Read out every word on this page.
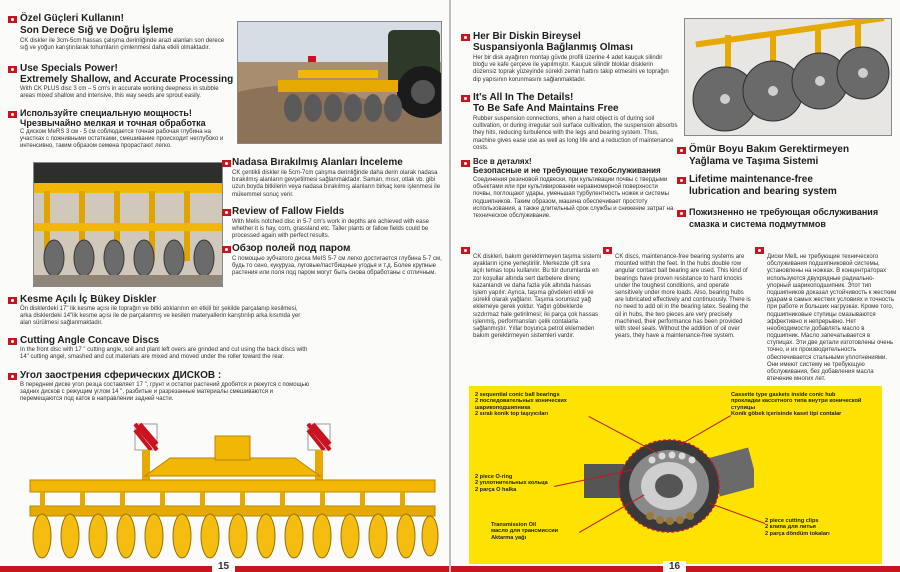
Özel Güçleri Kullanın!
Son Derece Sığ ve Doğru İşleme
CK diskler ile 3cm-5cm hassas çalışma derinliğinde arazi alanları son derece sığ ve yoğun karıştırılarak tohumların çimlenmesi daha etkili olmaktadır.
Use Specials Power!
Extremely Shallow, and Accurate Processing
With CK PLUS disc 3 cm – 5 cm's in accurate working deepness in stubble areas mixed shallow and intensive, this way seeds are sprout easily.
Используйте специальную мощность!
Чрезвычайно мелкая и точная обработка
С диском MeRS 3 см - 5 см соблюдается точная рабочая глубина на участках с пожнивными остатками, смешивание происходит неглубоко и интенсивно, таким образом семена прорастают легко.
Nadasa Bırakılmış Alanları İnceleme
CK çentikli diskler ile 5cm-7cm çalışma derinliğinde daha derin olarak nadasa bırakılmış alanların gevşetilmesi sağlanmaktadır. Saman, mısır, otlak vb. gibi uzun boyda bitkilerin veya nadasa bırakılmış alanların birkaç kere işlenmesi ile mükemmel sonuç verir.
Review of Fallow Fields
With Melis notched disc in 5-7 cm's work in depths are achieved with ease whether it is hay, corn, grassland etc. Taller plants or fallow fields could be processed again with perfect results.
Обзор полей под паром
С помощью зубчатого диска MeIS 5-7 см легко достигается глубина 5-7 см, будь то сено, кукуруза, луговые/пастбищные угодья и т.д. Более крупные растения или поля под паром могут быть снова обработаны с отличным.
Kesme Açılı İç Bükey Diskler
Ön disklerdeki 17" lik kesme açısı ile toprağın ve bitki atıklarının en etkili bir şekilde parçalanıp kesilmesi, arka disklerdeki 14"lik kesme açısı ile de parçalanmış ve kesilen materyallerin karıştırılıp arka kısımda yer alan sürülmesi sağlanmaktadır.
Cutting Angle Concave Discs
In the front disc with 17 " cutting angle, soil and plant left overs are grinded and cut using the back discs with 14" cutting angel, smashed and cut materials are mixed and moved under the roller toward the rear.
Угол заострения сферических ДИСКОВ :
В переднем диске угол резца составляет 17 ", грунт и остатки растений дробятся и режутся с помощью задних дисков с режущим углом 14 ", разбитые и разрезанные материалы смешиваются и перемещаются под каток в направлении задней части.
15
Her Bir Diskin Bireysel
Suspansiyonla Bağlanmış Olması
Her bir disk ayağının montajı güvde profili üzerine 4 adet kauçuk silindir bloğu ve kafe çerçeve ile yapılmıştır. Kauçuk silindir bloklar disklerin düzensiz toprak yüzeyinde sürekli zemin hattını takip etmesini ve toprağın dip yapısının korunmasını sağlanmaktadır.
It's All In The Details!
To Be Safe And Maintains Free
Rubber suspension connections, when a hard object is of during soil cultivation, or during irregular soil surface cultivation, the suspension absorbs they hits, reducing turbulence with the legs and bearing system. Thus, machine gives ease use as well as long life and a reduction of maintenance costs.
Все в деталях!
Безопасные и не требующие техобслуживания
Соединения резиновой подвески, при культивации почвы с твердыми объектами или при культивировании неравномерной поверхности почвы, поглощают удары, уменьшая турбулентность ножек и системы подшипников. Таким образом, машина обеспечивает простоту использования, а также длительный срок службы и снижение затрат на техническое обслуживание.
Ömür Boyu Bakım Gerektirmeyen
Yağlama ve Taşıma Sistemi
Lifetime maintenance-free
lubrication and bearing system
Пожизненно не требующая обслуживания
смазка и система подмутммов
CK diskleri, bakım gerektirmeyen taşıma sistemi ayakların içine yerleştirilir. Merkezde çift sıra açılı temas topu kullanılır. Bu tür durumlarda en zor koşullar altında sert darbelere direnç kazanlarıdı ve daha fazla yük altında hassas işlem yapılır. Ayrıca, taşıma gövdeleri etkili ve sürekli olarak yağlanır. Taşıma sorunsuz yağ eklemeye gerek yoktur. Yağın göbeklerde sızdırmaz hale getirilmesi; iki parça çok hassas işlenmiş, performansları çelik contalarla sağlanmıştır. Yıllar boyunca petrol eklemeden bakım gerektirmeyen sistemleri vardır.
CK discs, maintenance-free bearing systems are mounted within the feet. In the hubs double row angular contact ball bearing are used. This kind of bearings have proven resistance to hard knocks under the toughest conditions, and operate sensitively under more loads. Also, bearing hubs are lubricated effectively and continuously. There is no need to add oil in the bearing latex. Sealing the oil in hubs, the two pieces are very precisely machined, their performance has been provided with steel seals. Without the addition of oil over years, they have a maintenance-free system.
Диски MeIL не требующие технического обслуживания подшипниковой системы, установлены на ножках. В концентраторах используются двухрядные радиально-упорный шарикоподшипник. Этот тип подшипников доказал устойчивость к жестким ударам в самых жестких условиях и точность при работе и больших нагрузках. Кроме того, подшипниковые ступицы смазываются эффективно и непрерывно. Нет необходимости добавлять масло в подшипник. Масло запечатывается в ступицах. Эти две детали изготовлены очень точно, и их производительность обеспечивается стальными уплотнениями. Они имеют систему не требующую обслуживания, без добавления масла втечение многих лет.
2 sequential conic ball bearings
2 последовательных конических шарикоподшипника
2 sıralı konik top taşıyıcıları
Cassette type gaskets inside conic hub
прокладки кассетного типа внутри конической ступицы
Konik göbek içerisinde kaset tipi contalar
2 piece O-ring
2 уплотнительных кольца
2 parça O halka
Transmission Oil
масло для трансмиссии
Aktarma yağı
2 piece cutting clips
2 клипа для литья
2 parça döndüm tokaları
16
